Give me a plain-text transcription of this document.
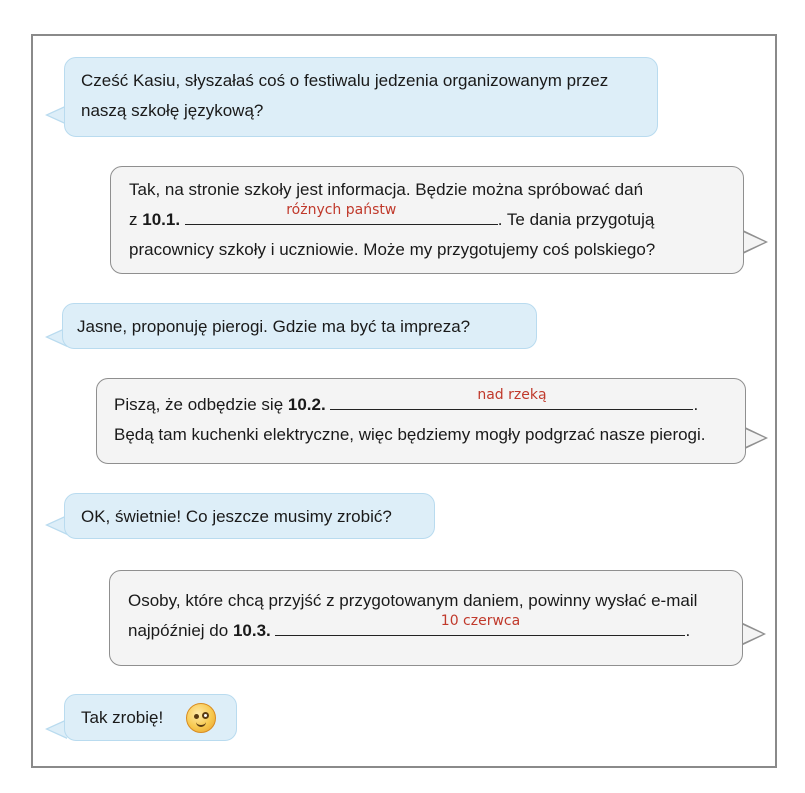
Cześć Kasiu, słyszałaś coś o festiwalu jedzenia organizowanym przez
naszą szkołę językową?
Tak, na stronie szkoły jest informacja. Będzie można spróbować dań
z 10.1.	różnych państw	. Te dania przygotują
pracownicy szkoły i uczniowie. Może my przygotujemy coś polskiego?
Jasne, proponuję pierogi. Gdzie ma być ta impreza?
Piszą, że odbędzie się 10.2.	nad rzeką	.
Będą tam kuchenki elektryczne, więc będziemy mogły podgrzać nasze pierogi.
OK, świetnie! Co jeszcze musimy zrobić?
Osoby, które chcą przyjść z przygotowanym daniem, powinny wysłać e-mail
najpóźniej do 10.3.	10 czerwca	.
Tak zrobię!
